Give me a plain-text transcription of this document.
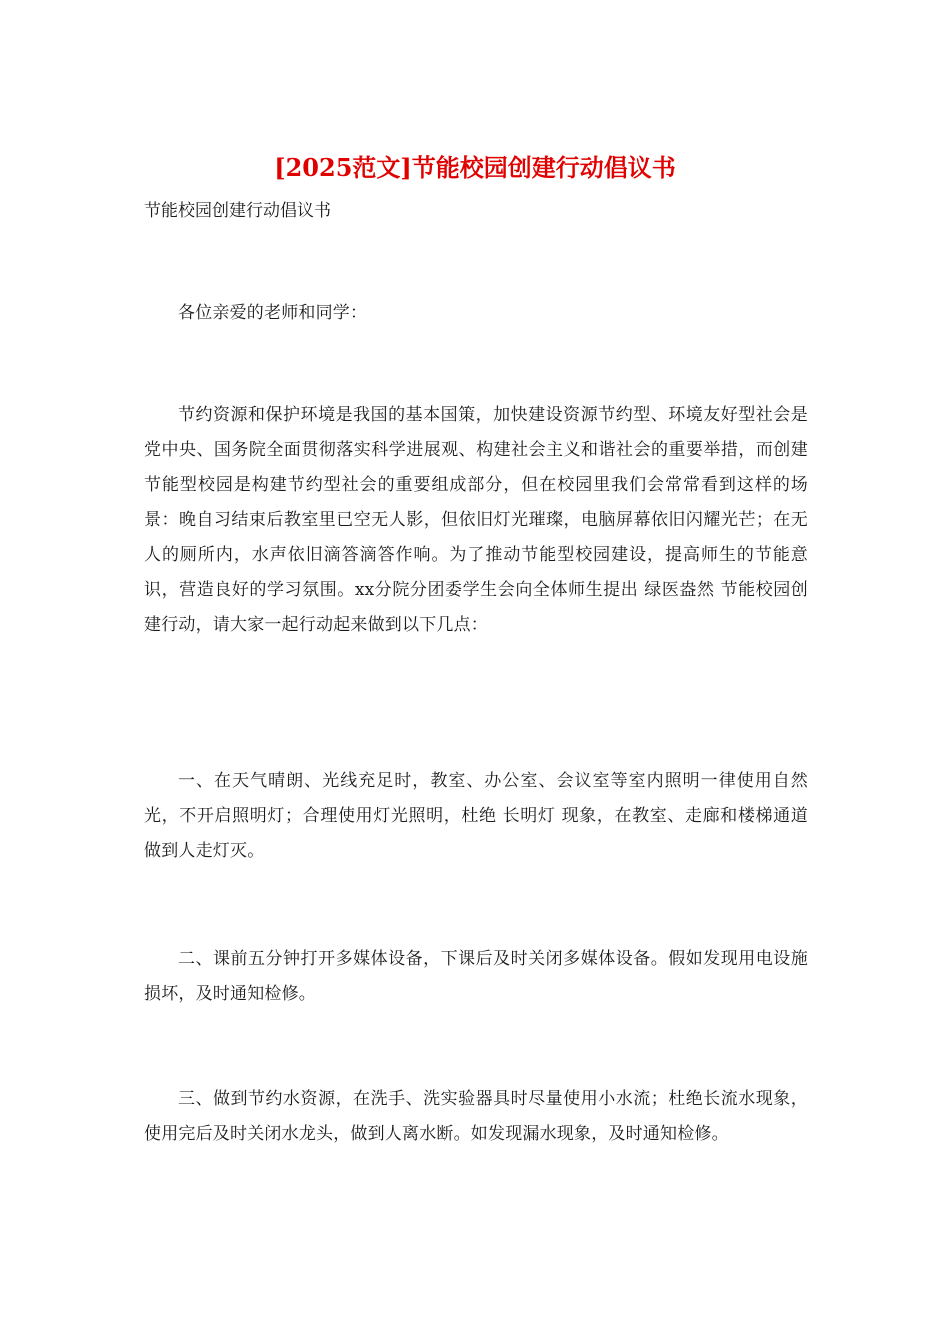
[2025范文]节能校园创建行动倡议书

节能校园创建行动倡议书

各位亲爱的老师和同学：

节约资源和保护环境是我国的基本国策，加快建设资源节约型、环境友好型社会是党中央、国务院全面贯彻落实科学进展观、构建社会主义和谐社会的重要举措，而创建节能型校园是构建节约型社会的重要组成部分，但在校园里我们会常常看到这样的场景：晚自习结束后教室里已空无人影，但依旧灯光璀璨，电脑屏幕依旧闪耀光芒；在无人的厕所内，水声依旧滴答滴答作响。为了推动节能型校园建设，提高师生的节能意识，营造良好的学习氛围。xx分院分团委学生会向全体师生提出 绿医盎然 节能校园创建行动，请大家一起行动起来做到以下几点：

一、在天气晴朗、光线充足时，教室、办公室、会议室等室内照明一律使用自然光，不开启照明灯；合理使用灯光照明，杜绝 长明灯 现象，在教室、走廊和楼梯通道做到人走灯灭。

二、课前五分钟打开多媒体设备，下课后及时关闭多媒体设备。假如发现用电设施损坏，及时通知检修。

三、做到节约水资源，在洗手、洗实验器具时尽量使用小水流；杜绝长流水现象，使用完后及时关闭水龙头，做到人离水断。如发现漏水现象，及时通知检修。
